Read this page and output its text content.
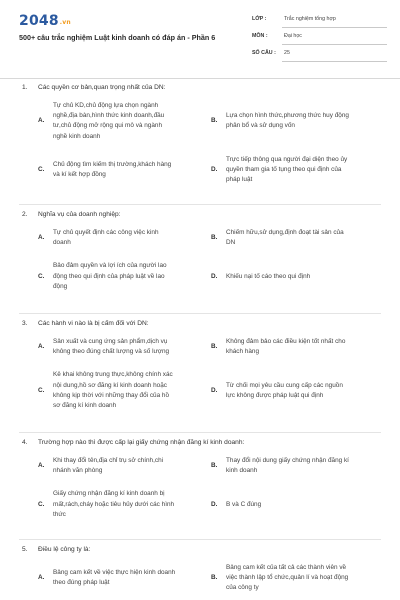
2048.vn
500+ câu trắc nghiệm Luật kinh doanh có đáp án - Phần 6
LỚP :	Trắc nghiệm tổng hợp
MÔN :	Đại học
SỐ CÂU : 25
1. Các quyền cơ bản,quan trọng nhất của DN:
A.
Tự chủ KD,chủ động lựa chọn ngành
nghề,địa bàn,hình thức kinh doanh,đầu
tư,chủ động mở rộng qui mô và ngành
nghề kinh doanh
B.
Lựa chọn hình thức,phương thức huy động
phân bổ và sử dụng vốn
C.
Chủ động tìm kiếm thị trường,khách hàng
và kí kết hợp đồng
D.
Trực tiếp thông qua người đại diện theo ủy
quyền tham gia tố tụng theo qui định của
pháp luật
2. Nghĩa vụ của doanh nghiệp:
A.
Tự chủ quyết định các công việc kinh
doanh
B.
Chiếm hữu,sử dụng,định đoạt tài sản của
DN
C.
Bảo đảm quyền và lợi ích của người lao
động theo qui định của pháp luật về lao
động
D. Khiếu nại tố cáo theo qui định
3. Các hành vi nào là bị cấm đối với DN:
A.
Sản xuất và cung ứng sản phẩm,dịch vụ
không theo đúng chất lượng và số lượng
B.
Không đảm bảo các điều kiện tốt nhất cho
khách hàng
C.
Kê khai không trung thực,không chính xác
nội dung,hồ sơ đăng kí kinh doanh hoặc
không kịp thời với những thay đổi của hồ
sơ đăng kí kinh doanh
D.
Từ chối mọi yêu cầu cung cấp các nguồn
lực không được pháp luật qui định
4. Trường hợp nào thì được cấp lại giấy chứng nhận đăng kí kinh doanh:
A.
Khi thay đổi tên,địa chỉ trụ sở chính,chi
nhánh văn phòng
B.
Thay đổi nội dung giấy chứng nhận đăng kí
kinh doanh
C.
Giấy chứng nhận đăng kí kinh doanh bị
mất,rách,cháy hoặc tiêu hủy dưới các hình
thức
D. B và C đúng
5. Điều lệ công ty là:
A.
Bảng cam kết về việc thực hiện kinh doanh
theo đúng pháp luật
B.
Bảng cam kết của tất cả các thành viên về
việc thành lập tổ chức,quản lí và hoạt động
của công ty
